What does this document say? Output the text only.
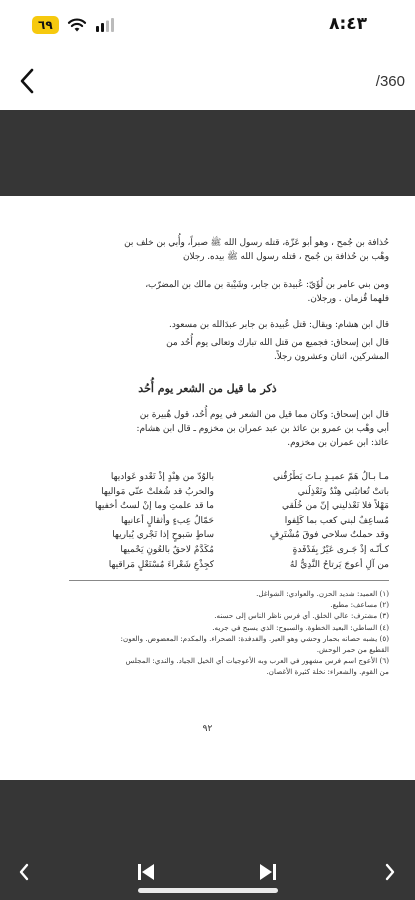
٦٩	٨:٤٣
/360
حُذافة بن جُمح ، وهو أبو عَزّة، قتله رسول الله ﷺ صبراً، وأُبي بن خلف بن
وهْب بن حُذافة بن جُمح ، قتله رسول الله ﷺ بيده. رجلان
ومن بني عامر بن لُؤَيّ: عُبيدة بن جابر، وشَيْبة بن مالك بن المضرّب،
فلهما قُزمان . ورجلان.
قال ابن هشام: ويقال: قتل عُبيدة بن جابر عبدَالله بن مسعود.
قال ابن إسحاق: فجميع من قتل الله تبارك وتعالى يوم أُحُد من
المشركين، اثنان وعشرون رجلاً.
ذكر ما قيل من الشعر يوم أُحُد
قال ابن إسحاق: وكان مما قيل من الشعر في يوم أُحُد، قول هُبيرة بن
أبي وهْب بن عمرو بن عائذ بن عبد عمران بن مخزوم ـ قال ابن هشام:
عائذ: ابن عمران بن مخزوم.
مـا بـالُ هَمّ عميـدٍ بـاتَ يَطْرُقُني
بالوُدّ من هِنْدٍ إذْ تَعْدو عَواديها
باتتْ تُعاتبُني هِنْدٌ وتَعْذِلُني
والحربُ قد شُغلتْ عنّي مَواليها
مَهْلاً فلا تَعْذليني إنّ من خُلُقي
ما قد علمتِ وما إنْ لستُ أُخفيها
مُساعِفٌ لبني كعب بما كَلِفوا
حَمّالُ عِبءٍ وأثقالٍ أُعانيها
وقد حملتُ سلاحي فوقَ مُشْتَرِفٍ
ساطٍ سَبوحٍ إذا تَجْري يُباريها
كـأنّـه إذْ جَـرى عَيْرٌ بِفَدْفَدةٍ
مُكَدَّمٌ لاحقٌ بالعُونِ يَحْميها
من آلِ أعوجَ يَرتاحُ النَّدِيُّ لهُ
كجِذْعِ شَعْراءَ مُسْتَعْلٍ مَراقيها
(١) العميد: شديد الحزن. والعوادي: الشواغل.
(٢) مساعف: مطيع.
(٣) مشترف: عالي الخلق. أي فرس ناظر الناس إلى حسنه.
(٤) الساطي: البعيد الخطوة. والسبوح: الذي يسبح في جريه.
(٥) يشبه حصانه بحمار وحشي وهو العير. والفدفدة: الصحراء. والمكدم: المعضوض. والعون:
القطيع من حمر الوحش.
(٦) الأعوج اسم فرس مشهور في العرب وبه الأعوجيات أي الخيل الجياد. والندي: المجلس
من القوم. والشعراء: نخلة كثيرة الأغصان.
٩٢
